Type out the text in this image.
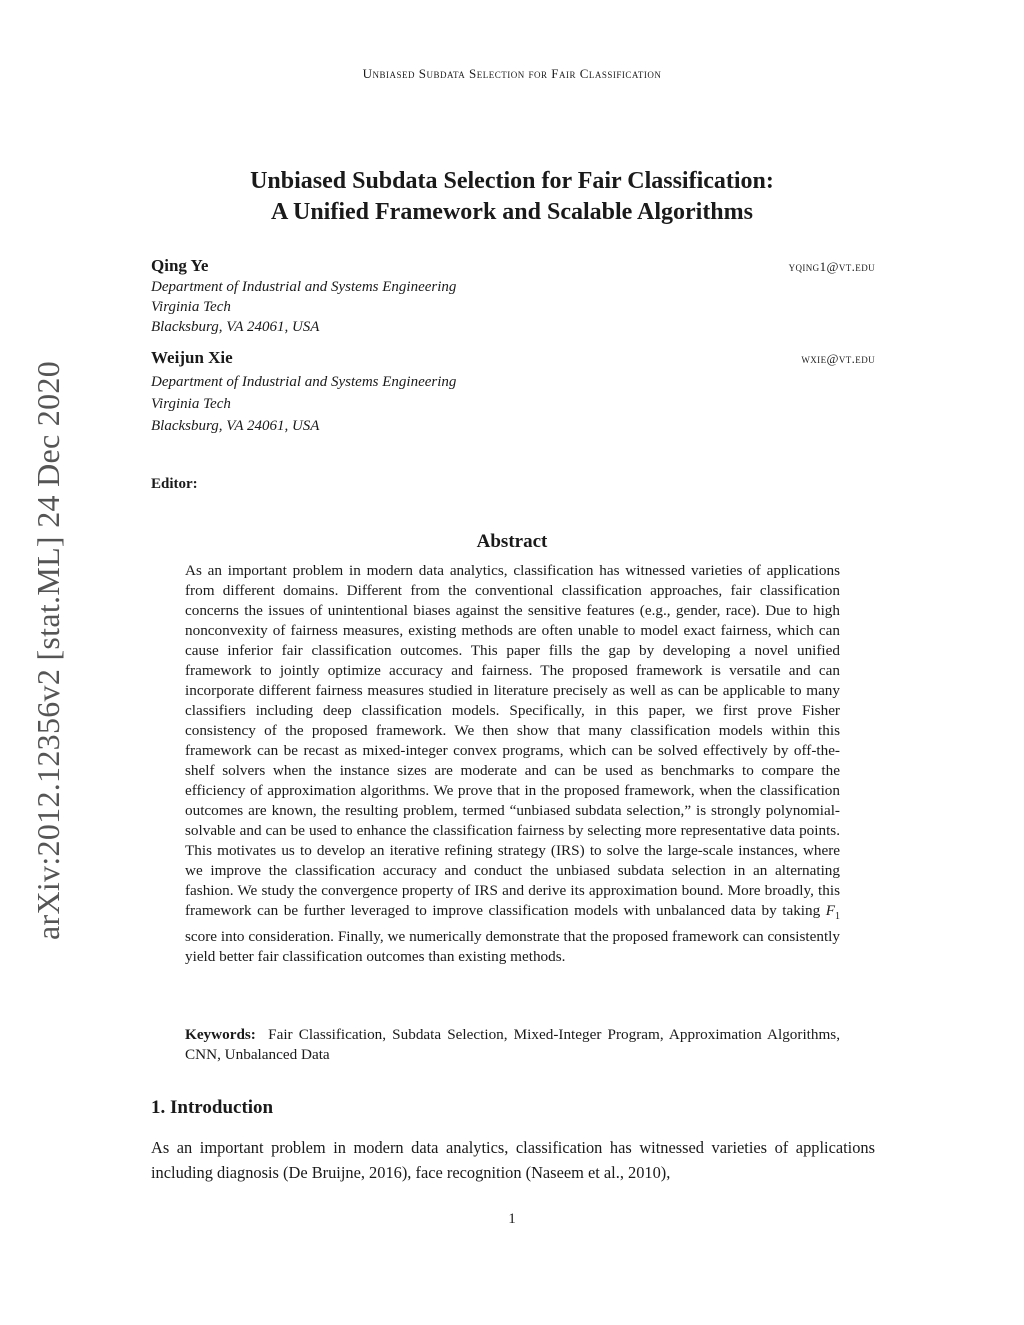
Unbiased Subdata Selection for Fair Classification
arXiv:2012.12356v2 [stat.ML] 24 Dec 2020
Unbiased Subdata Selection for Fair Classification:
A Unified Framework and Scalable Algorithms
Qing Ye	yqing1@vt.edu
Department of Industrial and Systems Engineering
Virginia Tech
Blacksburg, VA 24061, USA
Weijun Xie	wxie@vt.edu
Department of Industrial and Systems Engineering
Virginia Tech
Blacksburg, VA 24061, USA
Editor:
Abstract
As an important problem in modern data analytics, classification has witnessed varieties of applications from different domains. Different from the conventional classification approaches, fair classification concerns the issues of unintentional biases against the sensitive features (e.g., gender, race). Due to high nonconvexity of fairness measures, existing methods are often unable to model exact fairness, which can cause inferior fair classification outcomes. This paper fills the gap by developing a novel unified framework to jointly optimize accuracy and fairness. The proposed framework is versatile and can incorporate different fairness measures studied in literature precisely as well as can be applicable to many classifiers including deep classification models. Specifically, in this paper, we first prove Fisher consistency of the proposed framework. We then show that many classification models within this framework can be recast as mixed-integer convex programs, which can be solved effectively by off-the-shelf solvers when the instance sizes are moderate and can be used as benchmarks to compare the efficiency of approximation algorithms. We prove that in the proposed framework, when the classification outcomes are known, the resulting problem, termed “unbiased subdata selection,” is strongly polynomial-solvable and can be used to enhance the classification fairness by selecting more representative data points. This motivates us to develop an iterative refining strategy (IRS) to solve the large-scale instances, where we improve the classification accuracy and conduct the unbiased subdata selection in an alternating fashion. We study the convergence property of IRS and derive its approximation bound. More broadly, this framework can be further leveraged to improve classification models with unbalanced data by taking $F_1$ score into consideration. Finally, we numerically demonstrate that the proposed framework can consistently yield better fair classification outcomes than existing methods.
Keywords: Fair Classification, Subdata Selection, Mixed-Integer Program, Approximation Algorithms, CNN, Unbalanced Data
1. Introduction
As an important problem in modern data analytics, classification has witnessed varieties of applications including diagnosis (De Bruijne, 2016), face recognition (Naseem et al., 2010),
1
